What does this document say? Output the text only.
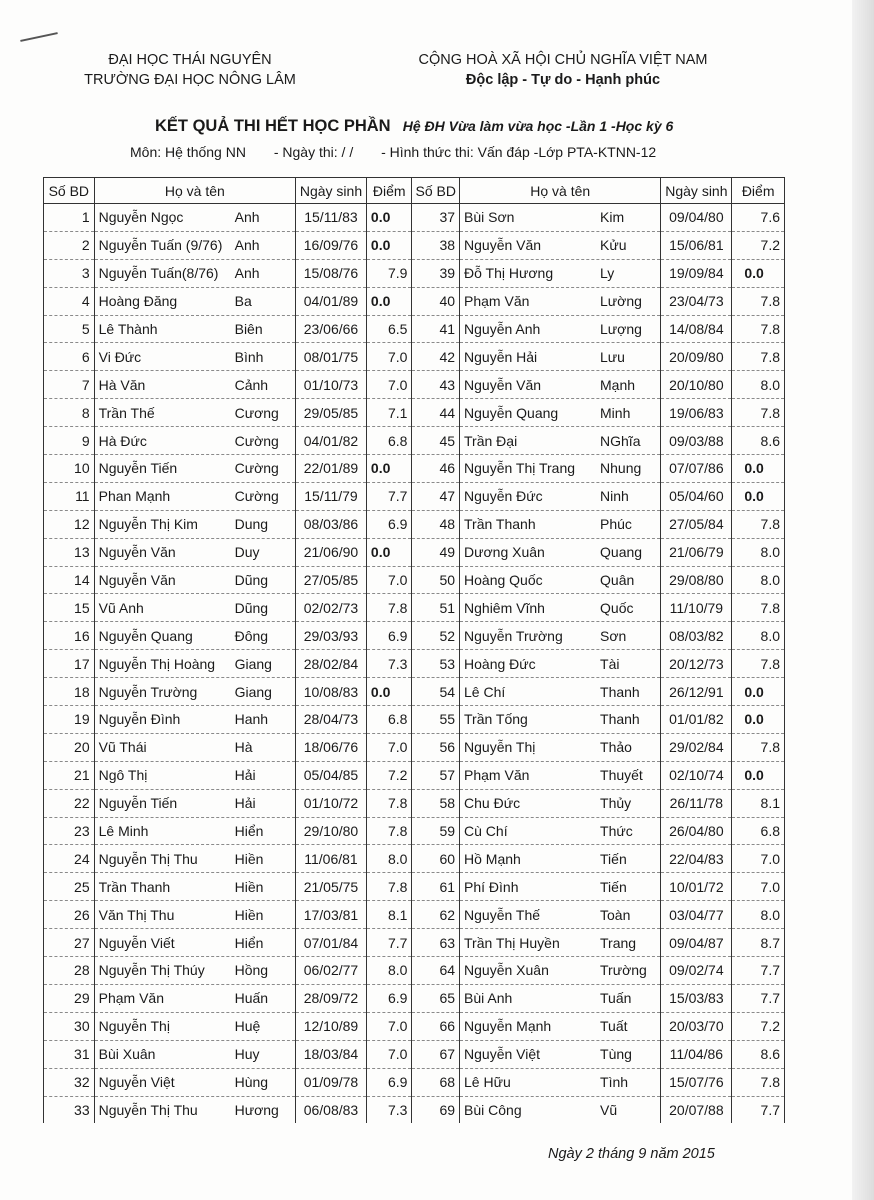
ĐẠI HỌC THÁI NGUYÊN
TRƯỜNG ĐẠI HỌC NÔNG LÂM
CỘNG HOÀ XÃ HỘI CHỦ NGHĨA VIỆT NAM
Độc lập - Tự do - Hạnh phúc
KẾT QUẢ THI HẾT HỌC PHẦN Hệ ĐH Vừa làm vừa học -Lần 1 -Học kỳ 6
Môn: Hệ thống NN - Ngày thi: / / - Hình thức thi: Vấn đáp -Lớp PTA-KTNN-12
Số BD	Họ và tên	Ngày sinh	Điểm	Số BD	Họ và tên	Ngày sinh	Điểm
1	Nguyễn Ngọc Anh	15/11/83	0.0	37	Bùi Sơn Kim	09/04/80	7.6
2	Nguyễn Tuấn (9/76) Anh	16/09/76	0.0	38	Nguyễn Văn Kửu	15/06/81	7.2
3	Nguyễn Tuấn(8/76) Anh	15/08/76	7.9	39	Đỗ Thị Hương Ly	19/09/84	0.0
4	Hoàng Đăng Ba	04/01/89	0.0	40	Phạm Văn Lường	23/04/73	7.8
5	Lê Thành Biên	23/06/66	6.5	41	Nguyễn Anh Lượng	14/08/84	7.8
6	Vi Đức Bình	08/01/75	7.0	42	Nguyễn Hải Lưu	20/09/80	7.8
7	Hà Văn Cảnh	01/10/73	7.0	43	Nguyễn Văn Mạnh	20/10/80	8.0
8	Trần Thế Cương	29/05/85	7.1	44	Nguyễn Quang Minh	19/06/83	7.8
9	Hà Đức Cường	04/01/82	6.8	45	Trần Đại NGhĩa	09/03/88	8.6
10	Nguyễn Tiến Cường	22/01/89	0.0	46	Nguyễn Thị Trang Nhung	07/07/86	0.0
11	Phan Mạnh Cường	15/11/79	7.7	47	Nguyễn Đức Ninh	05/04/60	0.0
12	Nguyễn Thị Kim Dung	08/03/86	6.9	48	Trần Thanh Phúc	27/05/84	7.8
13	Nguyễn Văn Duy	21/06/90	0.0	49	Dương Xuân Quang	21/06/79	8.0
14	Nguyễn Văn Dũng	27/05/85	7.0	50	Hoàng Quốc Quân	29/08/80	8.0
15	Vũ Anh Dũng	02/02/73	7.8	51	Nghiêm Vĩnh Quốc	11/10/79	7.8
16	Nguyễn Quang Đông	29/03/93	6.9	52	Nguyễn Trường Sơn	08/03/82	8.0
17	Nguyễn Thị Hoàng Giang	28/02/84	7.3	53	Hoàng Đức Tài	20/12/73	7.8
18	Nguyễn Trường Giang	10/08/83	0.0	54	Lê Chí Thanh	26/12/91	0.0
19	Nguyễn Đình Hanh	28/04/73	6.8	55	Trần Tống Thanh	01/01/82	0.0
20	Vũ Thái Hà	18/06/76	7.0	56	Nguyễn Thị Thảo	29/02/84	7.8
21	Ngô Thị Hải	05/04/85	7.2	57	Phạm Văn Thuyết	02/10/74	0.0
22	Nguyễn Tiến Hải	01/10/72	7.8	58	Chu Đức Thủy	26/11/78	8.1
23	Lê Minh Hiển	29/10/80	7.8	59	Cù Chí Thức	26/04/80	6.8
24	Nguyễn Thị Thu Hiền	11/06/81	8.0	60	Hồ Mạnh Tiến	22/04/83	7.0
25	Trần Thanh Hiền	21/05/75	7.8	61	Phí Đình Tiến	10/01/72	7.0
26	Văn Thị Thu Hiền	17/03/81	8.1	62	Nguyễn Thế Toàn	03/04/77	8.0
27	Nguyễn Viết Hiển	07/01/84	7.7	63	Trần Thị Huyền Trang	09/04/87	8.7
28	Nguyễn Thị Thúy Hồng	06/02/77	8.0	64	Nguyễn Xuân Trường	09/02/74	7.7
29	Phạm Văn Huấn	28/09/72	6.9	65	Bùi Anh Tuấn	15/03/83	7.7
30	Nguyễn Thị Huệ	12/10/89	7.0	66	Nguyễn Mạnh Tuất	20/03/70	7.2
31	Bùi Xuân Huy	18/03/84	7.0	67	Nguyễn Việt Tùng	11/04/86	8.6
32	Nguyễn Việt Hùng	01/09/78	6.9	68	Lê Hữu Tình	15/07/76	7.8
33	Nguyễn Thị Thu Hương	06/08/83	7.3	69	Bùi Công Vũ	20/07/88	7.7
Ngày 2 tháng 9 năm 2015
